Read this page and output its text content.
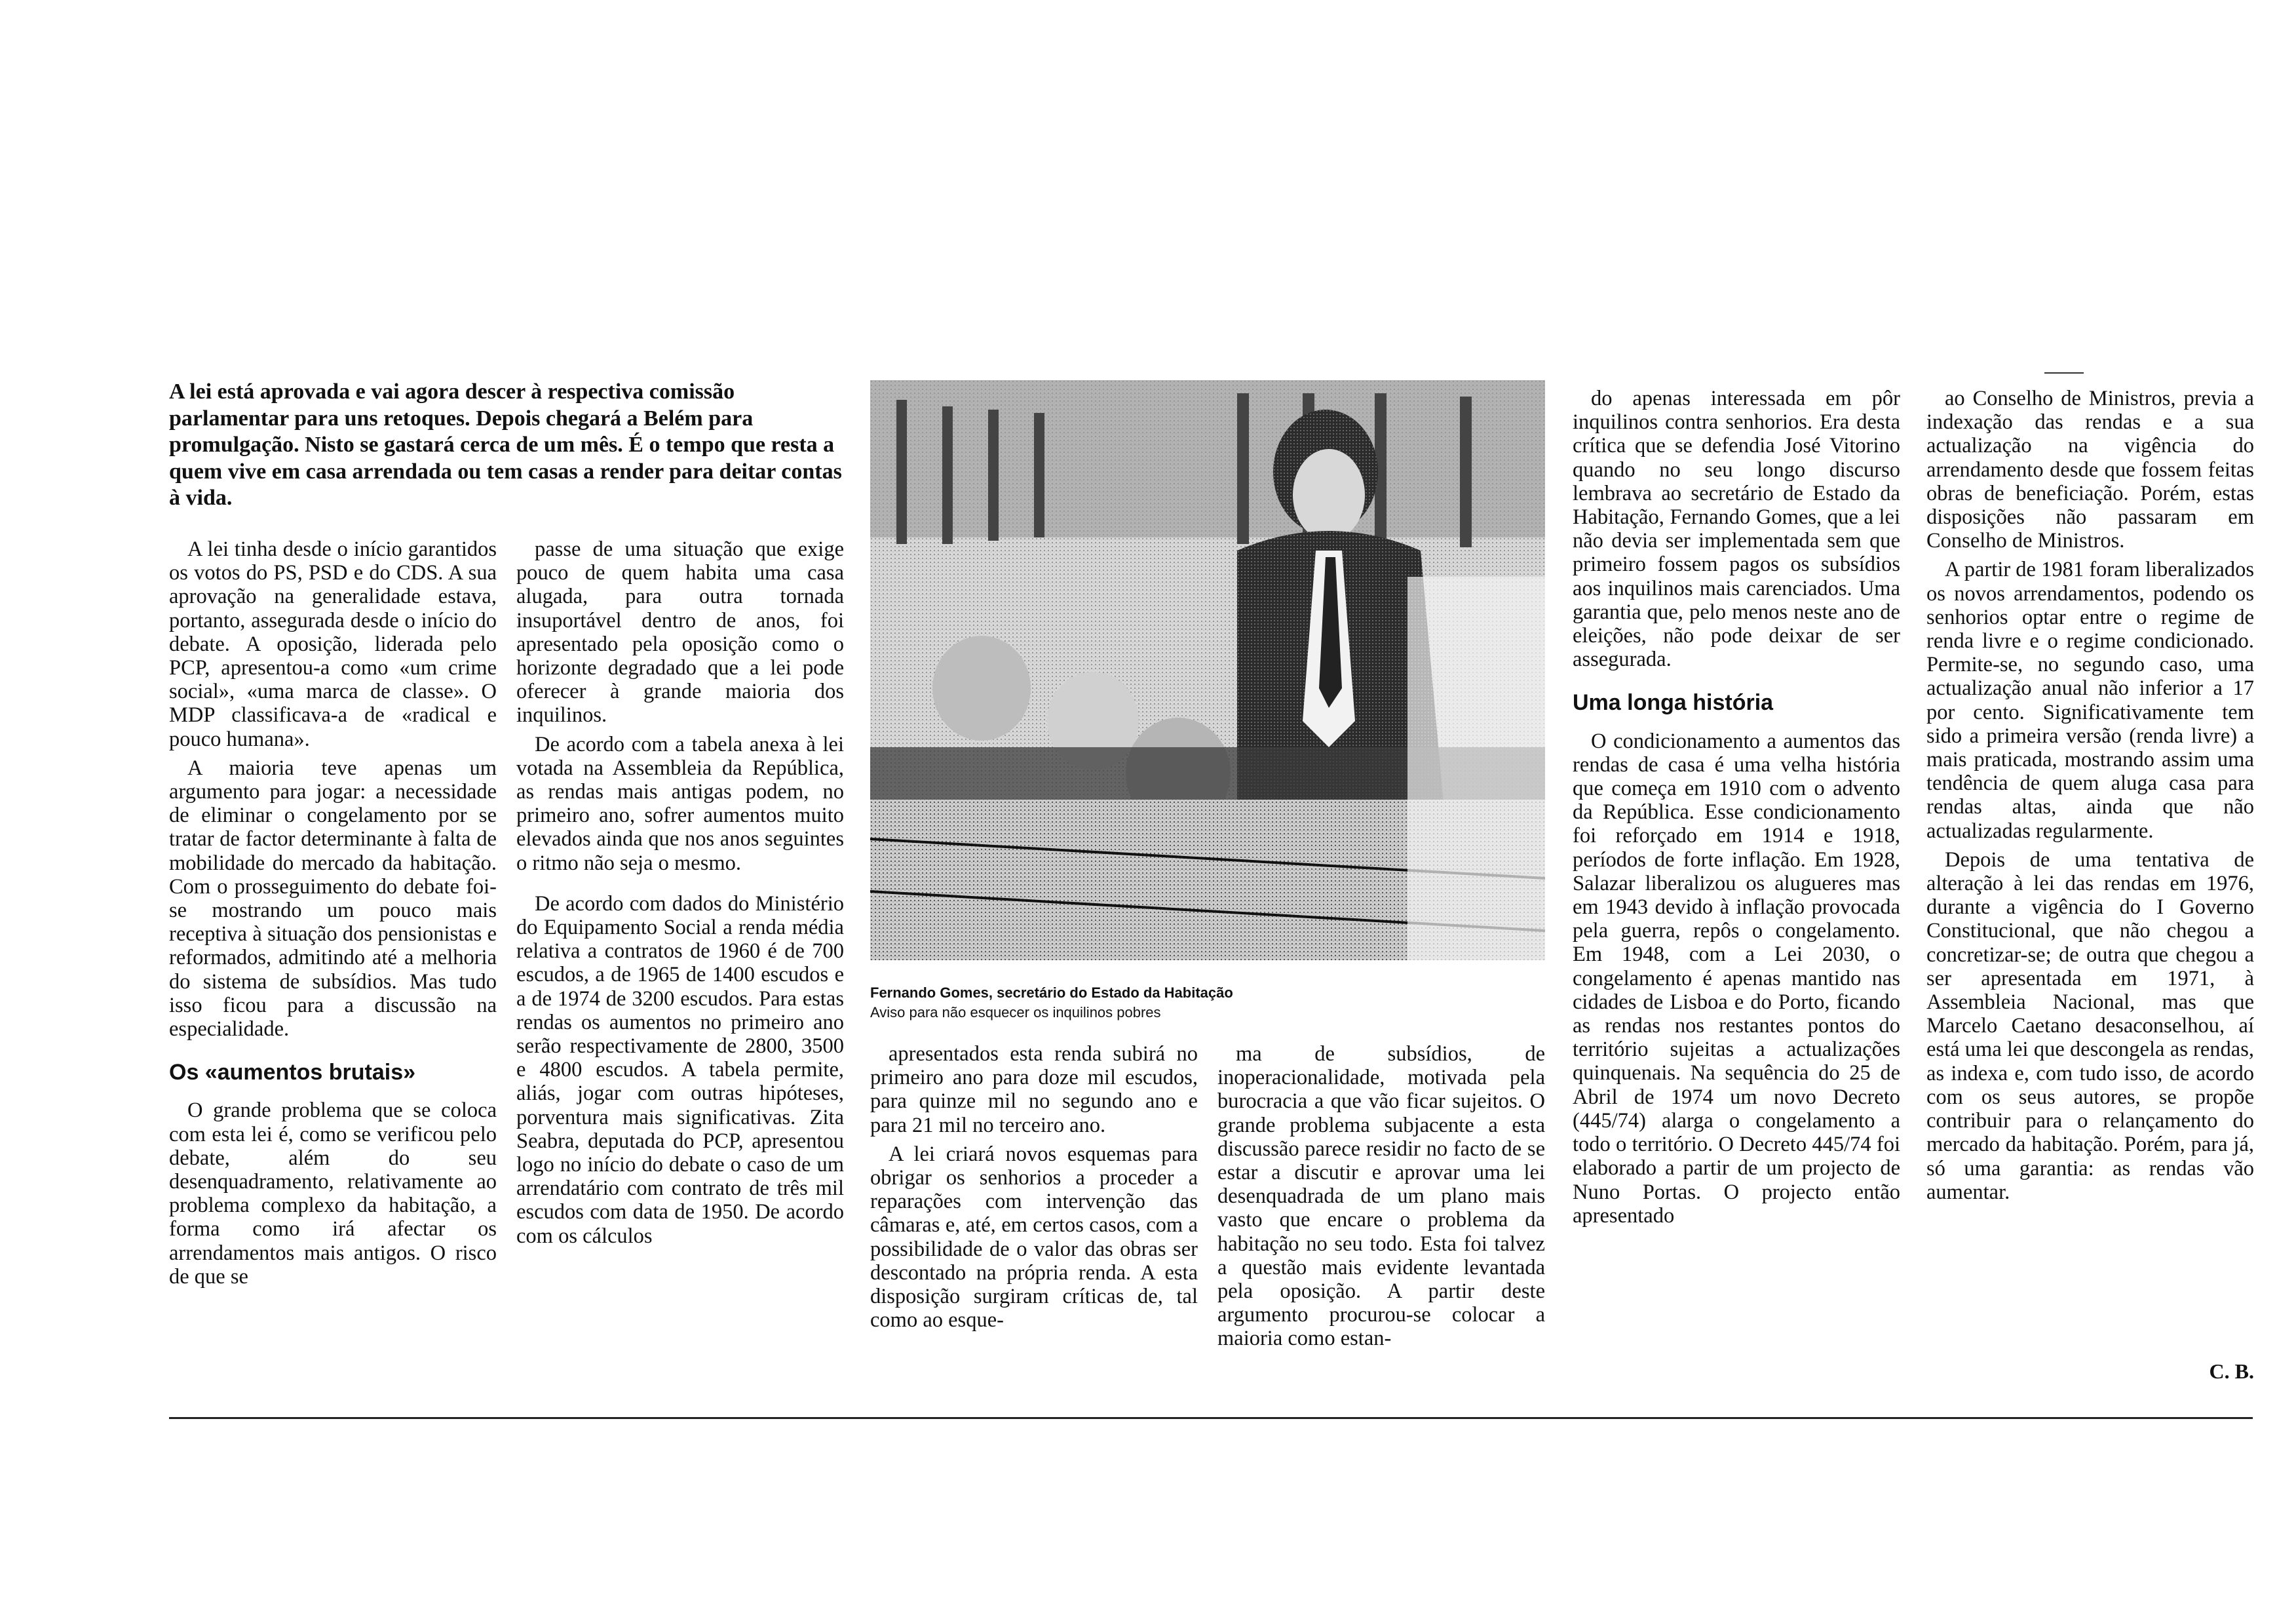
A lei está aprovada e vai agora descer à respectiva comissão parlamentar para uns retoques. Depois chegará a Belém para promulgação. Nisto se gastará cerca de um mês. É o tempo que resta a quem vive em casa arrendada ou tem casas a render para deitar contas à vida.

A lei tinha desde o início garantidos os votos do PS, PSD e do CDS. A sua aprovação na generalidade estava, portanto, assegurada desde o início do debate. A oposição, liderada pelo PCP, apresentou-a como «um crime social», «uma marca de classe». O MDP classificava-a de «radical e pouco humana».

A maioria teve apenas um argumento para jogar: a necessidade de eliminar o congelamento por se tratar de factor determinante à falta de mobilidade do mercado da habitação. Com o prosseguimento do debate foi-se mostrando um pouco mais receptiva à situação dos pensionistas e reformados, admitindo até a melhoria do sistema de subsídios. Mas tudo isso ficou para a discussão na especialidade.

Os «aumentos brutais»

O grande problema que se coloca com esta lei é, como se verificou pelo debate, além do seu desenquadramento, relativamente ao problema complexo da habitação, a forma como irá afectar os arrendamentos mais antigos. O risco de que se

passe de uma situação que exige pouco de quem habita uma casa alugada, para outra tornada insuportável dentro de anos, foi apresentado pela oposição como o horizonte degradado que a lei pode oferecer à grande maioria dos inquilinos.

De acordo com a tabela anexa à lei votada na Assembleia da República, as rendas mais antigas podem, no primeiro ano, sofrer aumentos muito elevados ainda que nos anos seguintes o ritmo não seja o mesmo.

De acordo com dados do Ministério do Equipamento Social a renda média relativa a contratos de 1960 é de 700 escudos, a de 1965 de 1400 escudos e a de 1974 de 3200 escudos. Para estas rendas os aumentos no primeiro ano serão respectivamente de 2800, 3500 e 4800 escudos. A tabela permite, aliás, jogar com outras hipóteses, porventura mais significativas. Zita Seabra, deputada do PCP, apresentou logo no início do debate o caso de um arrendatário com contrato de três mil escudos com data de 1950. De acordo com os cálculos

Fernando Gomes, secretário do Estado da Habitação
Aviso para não esquecer os inquilinos pobres

apresentados esta renda subirá no primeiro ano para doze mil escudos, para quinze mil no segundo ano e para 21 mil no terceiro ano.

A lei criará novos esquemas para obrigar os senhorios a proceder a reparações com intervenção das câmaras e, até, em certos casos, com a possibilidade de o valor das obras ser descontado na própria renda. A esta disposição surgiram críticas de, tal como ao esque-

ma de subsídios, de inoperacionalidade, motivada pela burocracia a que vão ficar sujeitos. O grande problema subjacente a esta discussão parece residir no facto de se estar a discutir e aprovar uma lei desenquadrada de um plano mais vasto que encare o problema da habitação no seu todo. Esta foi talvez a questão mais evidente levantada pela oposição. A partir deste argumento procurou-se colocar a maioria como estan-

do apenas interessada em pôr inquilinos contra senhorios. Era desta crítica que se defendia José Vitorino quando no seu longo discurso lembrava ao secretário de Estado da Habitação, Fernando Gomes, que a lei não devia ser implementada sem que primeiro fossem pagos os subsídios aos inquilinos mais carenciados. Uma garantia que, pelo menos neste ano de eleições, não pode deixar de ser assegurada.

Uma longa história

O condicionamento a aumentos das rendas de casa é uma velha história que começa em 1910 com o advento da República. Esse condicionamento foi reforçado em 1914 e 1918, períodos de forte inflação. Em 1928, Salazar liberalizou os alugueres mas em 1943 devido à inflação provocada pela guerra, repôs o congelamento. Em 1948, com a Lei 2030, o congelamento é apenas mantido nas cidades de Lisboa e do Porto, ficando as rendas nos restantes pontos do território sujeitas a actualizações quinquenais. Na sequência do 25 de Abril de 1974 um novo Decreto (445/74) alarga o congelamento a todo o território. O Decreto 445/74 foi elaborado a partir de um projecto de Nuno Portas. O projecto então apresentado

ao Conselho de Ministros, previa a indexação das rendas e a sua actualização na vigência do arrendamento desde que fossem feitas obras de beneficiação. Porém, estas disposições não passaram em Conselho de Ministros.

A partir de 1981 foram liberalizados os novos arrendamentos, podendo os senhorios optar entre o regime de renda livre e o regime condicionado. Permite-se, no segundo caso, uma actualização anual não inferior a 17 por cento. Significativamente tem sido a primeira versão (renda livre) a mais praticada, mostrando assim uma tendência de quem aluga casa para rendas altas, ainda que não actualizadas regularmente.

Depois de uma tentativa de alteração à lei das rendas em 1976, durante a vigência do I Governo Constitucional, que não chegou a concretizar-se; de outra que chegou a ser apresentada em 1971, à Assembleia Nacional, mas que Marcelo Caetano desaconselhou, aí está uma lei que descongela as rendas, as indexa e, com tudo isso, de acordo com os seus autores, se propõe contribuir para o relançamento do mercado da habitação. Porém, para já, só uma garantia: as rendas vão aumentar.

C. B.
